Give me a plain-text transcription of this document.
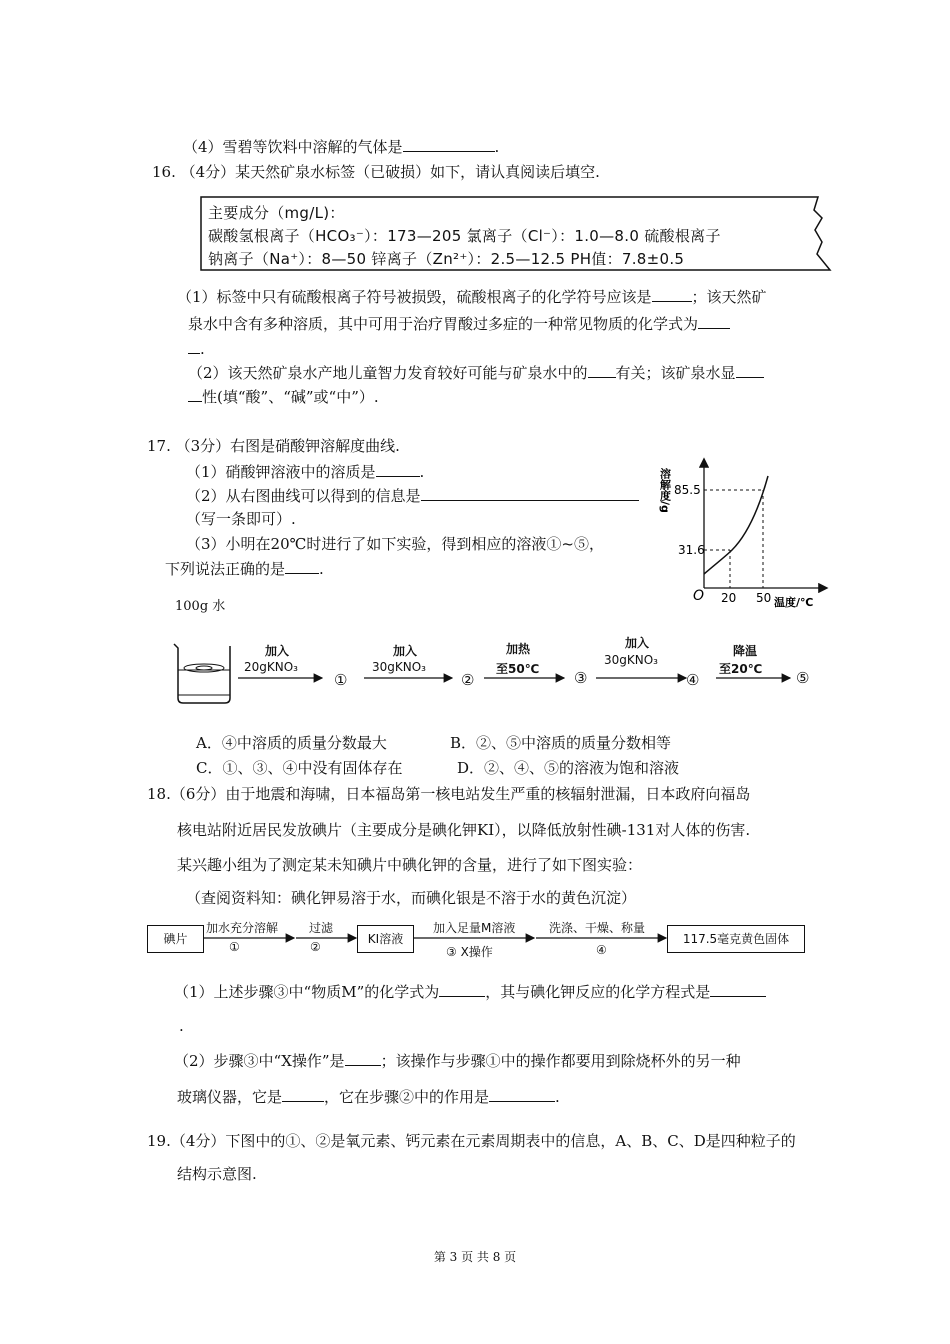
（4）雪碧等饮料中溶解的气体是	.
16. （4分）某天然矿泉水标签（已破损）如下，请认真阅读后填空.
主要成分（mg/L)：
碳酸氢根离子（HCO₃⁻）：173—205 氯离子（Cl⁻）：1.0—8.0 硫酸根离子
钠离子（Na⁺）：8—50 锌离子（Zn²⁺）：2.5—12.5 PH值：7.8±0.5
（1）标签中只有硫酸根离子符号被损毁，硫酸根离子的化学符号应该是	；该天然矿
泉水中含有多种溶质，其中可用于治疗胃酸过多症的一种常见物质的化学式为
.
（2）该天然矿泉水产地儿童智力发育较好可能与矿泉水中的 有关；该矿泉水显
性(填“酸”、“碱”或“中”）.
17. （3分）右图是硝酸钾溶解度曲线.
（1）硝酸钾溶液中的溶质是	.
（2）从右图曲线可以得到的信息是
（写一条即可）.
（3）小明在20℃时进行了如下实验，得到相应的溶液①~⑤，
下列说法正确的是 .
溶解度/g 85.5
31.6
O 20 50 温度/℃
100g 水
加入
20gKNO₃
①
加入
30gKNO₃
②
加热
至50℃ ③
加入
30gKNO₃
④
降温
至20℃ ⑤
A．④中溶质的质量分数最大	B．②、⑤中溶质的质量分数相等
C．①、③、④中没有固体存在	D．②、④、⑤的溶液为饱和溶液
18.（6分）由于地震和海啸，日本福岛第一核电站发生严重的核辐射泄漏，日本政府向福岛
核电站附近居民发放碘片（主要成分是碘化钾KI），以降低放射性碘-131对人体的伤害.
某兴趣小组为了测定某未知碘片中碘化钾的含量，进行了如下图实验：
（查阅资料知：碘化钾易溶于水，而碘化银是不溶于水的黄色沉淀）
碘片	KI溶液	117.5毫克黄色固体
加水充分溶解
①
过滤
②
加入足量M溶液
③ X操作
洗涤、干燥、称量
④
（1）上述步骤③中“物质M”的化学式为	，其与碘化钾反应的化学方程式是
.
（2）步骤③中“X操作”是 ；该操作与步骤①中的操作都要用到除烧杯外的另一种
玻璃仪器，它是	，它在步骤②中的作用是	.
19.（4分）下图中的①、②是氧元素、钙元素在元素周期表中的信息，A、B、C、D是四种粒子的
结构示意图.
第 3 页 共 8 页
